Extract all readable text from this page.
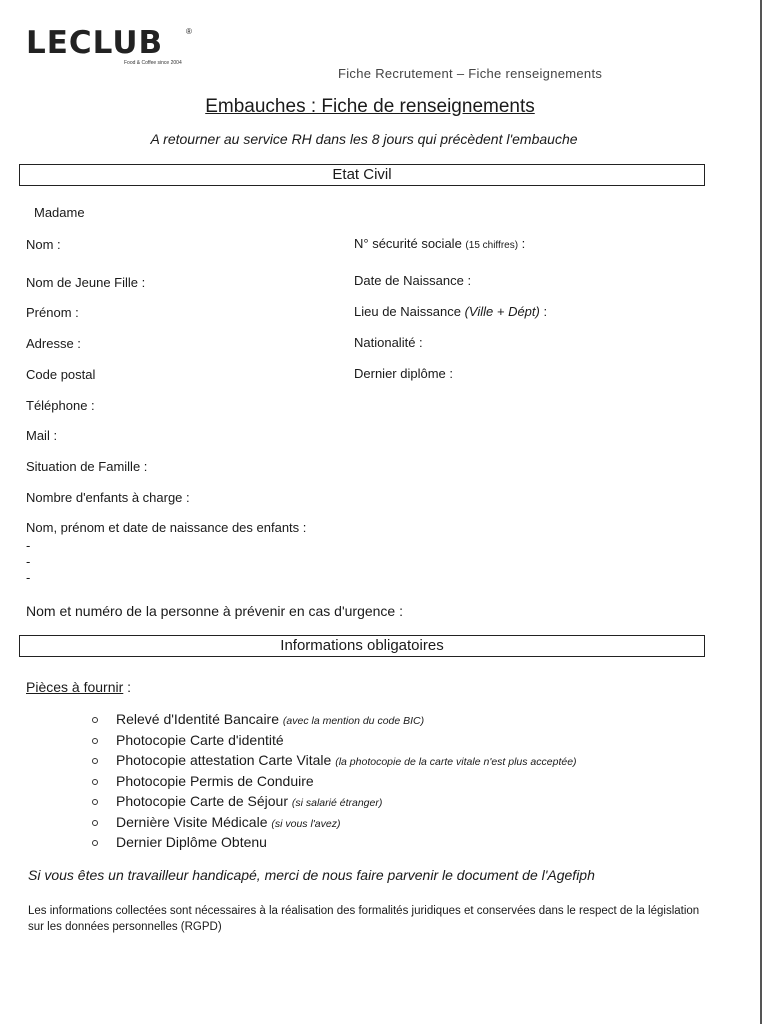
LECLUB	®
Food & Coffee since 2004
Fiche Recrutement – Fiche renseignements
Embauches : Fiche de renseignements
A retourner au service RH dans les 8 jours qui précèdent l'embauche
Etat Civil
Madame
Nom :
Nom de Jeune Fille :
Prénom :
Adresse :
Code postal
Téléphone :
Mail :
Situation de Famille :
Nombre d'enfants à charge :
Nom, prénom et date de naissance des enfants :
-
-
-
N° sécurité sociale (15 chiffres) :
Date de Naissance :
Lieu de Naissance (Ville + Dépt) :
Nationalité :
Dernier diplôme :
Nom et numéro de la personne à prévenir en cas d'urgence :
Informations obligatoires
Pièces à fournir :
Relevé d'Identité Bancaire (avec la mention du code BIC)
Photocopie Carte d'identité
Photocopie attestation Carte Vitale (la photocopie de la carte vitale n'est plus acceptée)
Photocopie Permis de Conduire
Photocopie Carte de Séjour (si salarié étranger)
Dernière Visite Médicale (si vous l'avez)
Dernier Diplôme Obtenu
Si vous êtes un travailleur handicapé, merci de nous faire parvenir le document de l'Agefiph
Les informations collectées sont nécessaires à la réalisation des formalités juridiques et conservées dans le respect de la législation sur les données personnelles (RGPD)
